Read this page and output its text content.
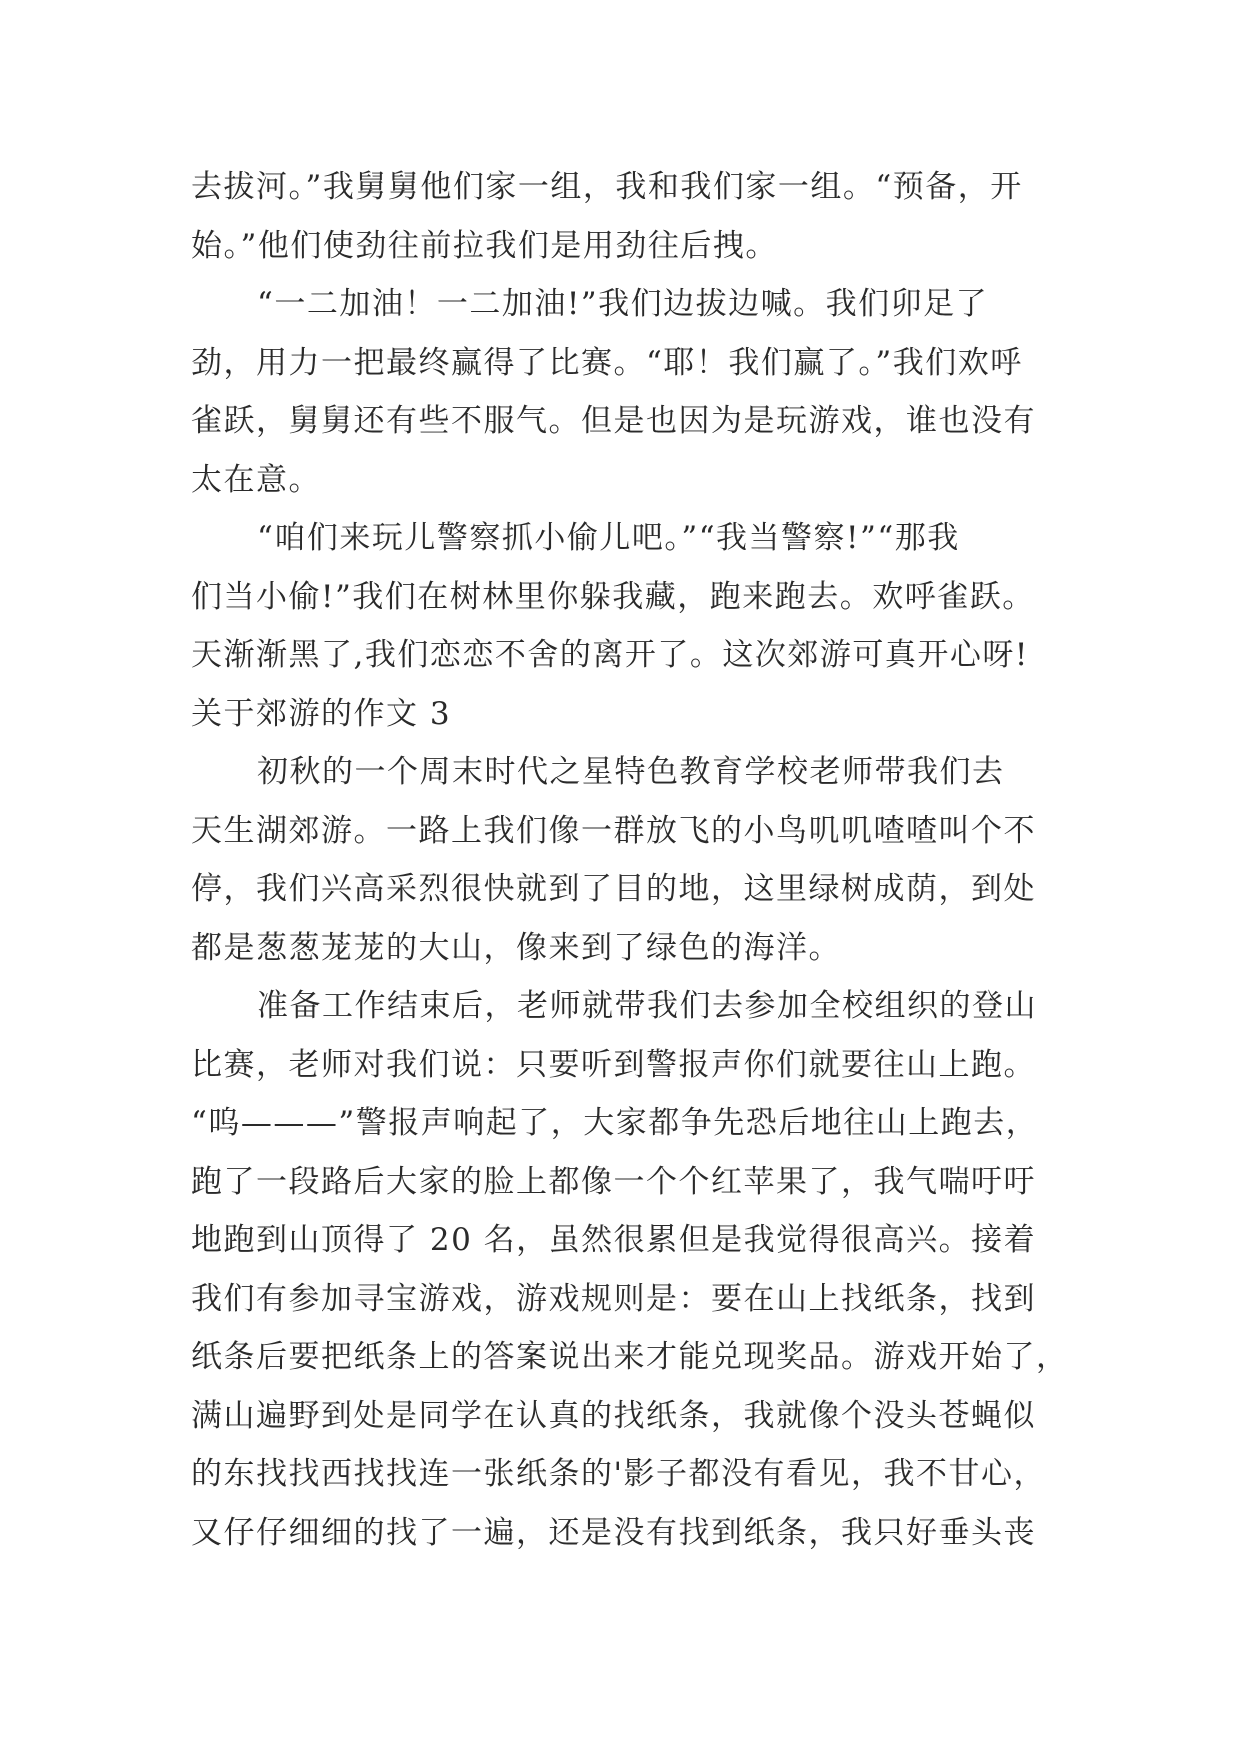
去拔河。”我舅舅他们家一组，我和我们家一组。“预备，开
始。”他们使劲往前拉我们是用劲往后拽。
“一二加油！一二加油!”我们边拔边喊。我们卯足了
劲，用力一把最终赢得了比赛。“耶！我们赢了。”我们欢呼
雀跃，舅舅还有些不服气。但是也因为是玩游戏，谁也没有
太在意。
“咱们来玩儿警察抓小偷儿吧。”“我当警察!”“那我
们当小偷!”我们在树林里你躲我藏，跑来跑去。欢呼雀跃。
天渐渐黑了,我们恋恋不舍的离开了。这次郊游可真开心呀!
关于郊游的作文 3
初秋的一个周末时代之星特色教育学校老师带我们去
天生湖郊游。一路上我们像一群放飞的小鸟叽叽喳喳叫个不
停，我们兴高采烈很快就到了目的地，这里绿树成荫，到处
都是葱葱茏茏的大山，像来到了绿色的海洋。
准备工作结束后，老师就带我们去参加全校组织的登山
比赛，老师对我们说：只要听到警报声你们就要往山上跑。
“呜———”警报声响起了，大家都争先恐后地往山上跑去，
跑了一段路后大家的脸上都像一个个红苹果了，我气喘吁吁
地跑到山顶得了 20 名，虽然很累但是我觉得很高兴。接着
我们有参加寻宝游戏，游戏规则是：要在山上找纸条，找到
纸条后要把纸条上的答案说出来才能兑现奖品。游戏开始了，
满山遍野到处是同学在认真的找纸条，我就像个没头苍蝇似
的东找找西找找连一张纸条的'影子都没有看见，我不甘心，
又仔仔细细的找了一遍，还是没有找到纸条，我只好垂头丧
